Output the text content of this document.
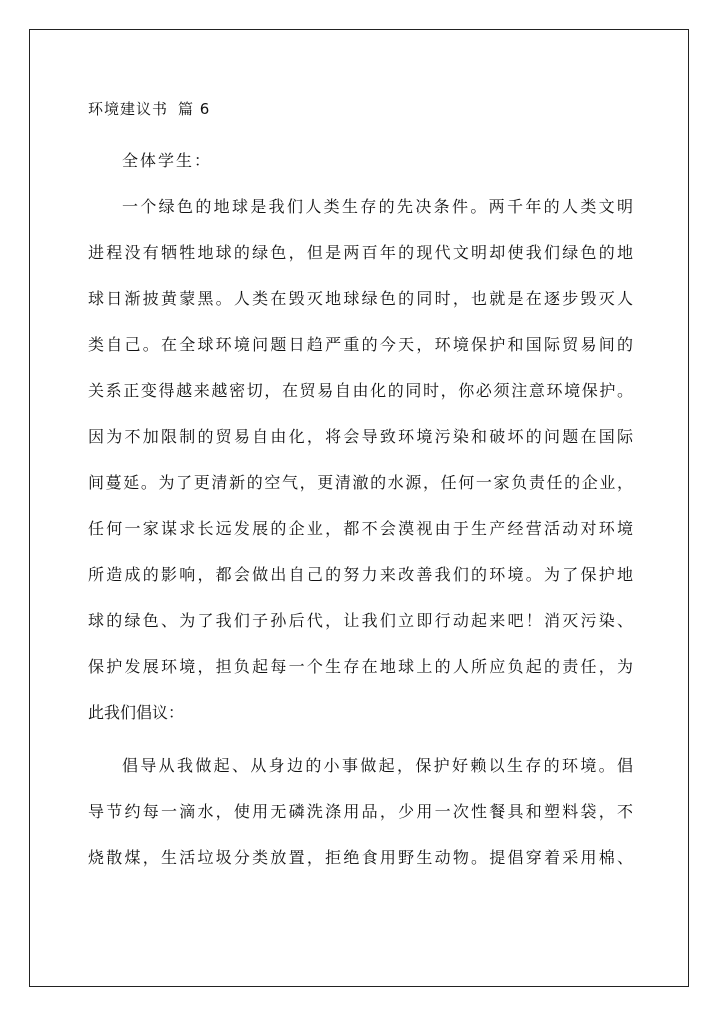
环境建议书 篇 6
全体学生：
一个绿色的地球是我们人类生存的先决条件。两千年的人类文明
进程没有牺牲地球的绿色，但是两百年的现代文明却使我们绿色的地
球日渐披黄蒙黑。人类在毁灭地球绿色的同时，也就是在逐步毁灭人
类自己。在全球环境问题日趋严重的今天，环境保护和国际贸易间的
关系正变得越来越密切，在贸易自由化的同时，你必须注意环境保护。
因为不加限制的贸易自由化，将会导致环境污染和破坏的问题在国际
间蔓延。为了更清新的空气，更清澈的水源，任何一家负责任的企业，
任何一家谋求长远发展的企业，都不会漠视由于生产经营活动对环境
所造成的影响，都会做出自己的努力来改善我们的环境。为了保护地
球的绿色、为了我们子孙后代，让我们立即行动起来吧！消灭污染、
保护发展环境，担负起每一个生存在地球上的人所应负起的责任，为
此我们倡议：
倡导从我做起、从身边的小事做起，保护好赖以生存的环境。倡
导节约每一滴水，使用无磷洗涤用品，少用一次性餐具和塑料袋，不
烧散煤，生活垃圾分类放置，拒绝食用野生动物。提倡穿着采用棉、
